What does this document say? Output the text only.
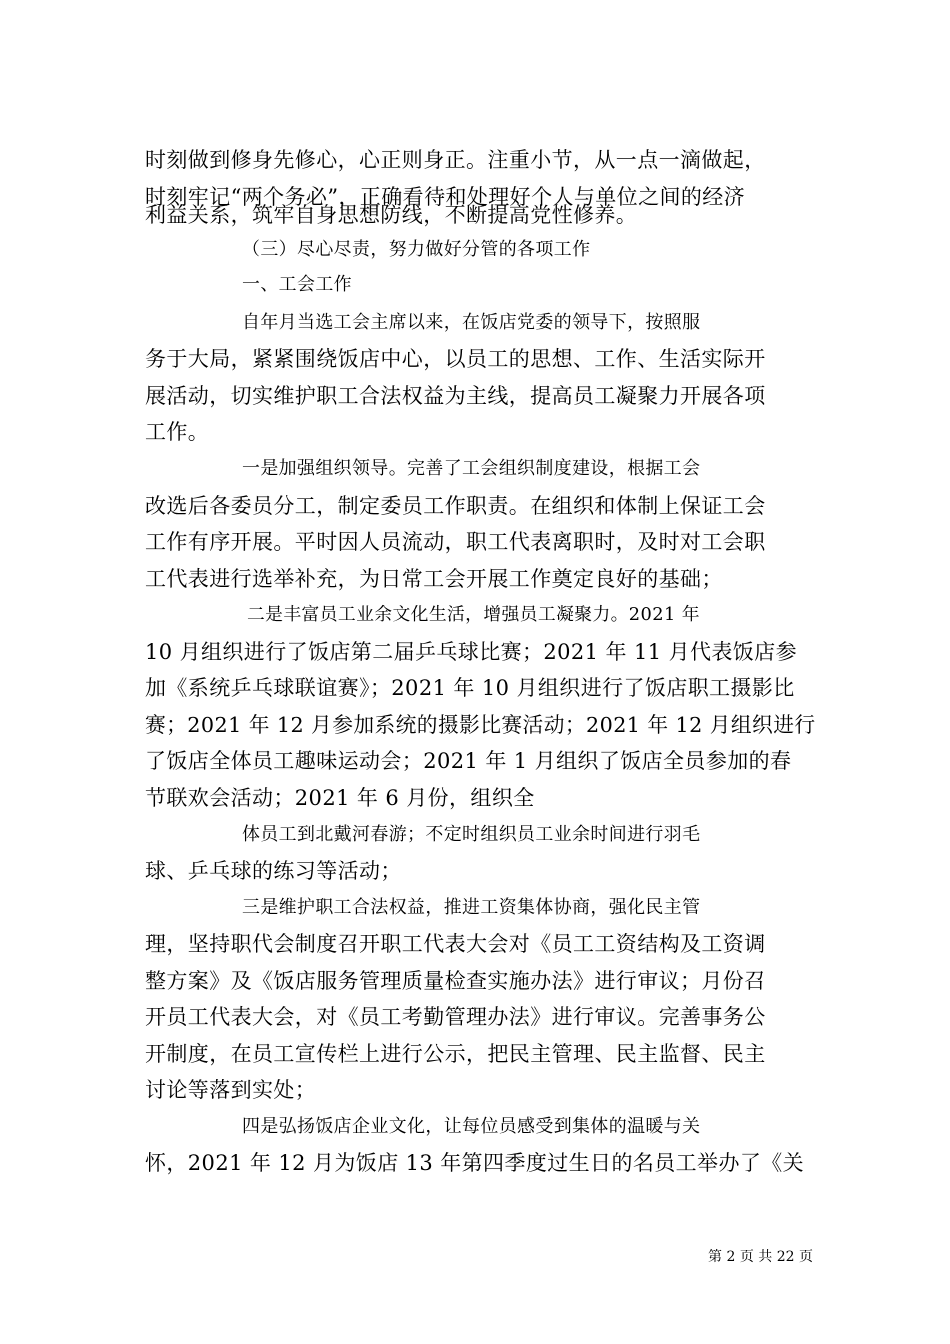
时刻做到修身先修心，心正则身正。注重小节，从一点一滴做起，
时刻牢记“两个务必”，正确看待和处理好个人与单位之间的经济
利益关系，筑牢自身思想防线，不断提高党性修养。
（三）尽心尽责，努力做好分管的各项工作
一、工会工作
自年月当选工会主席以来，在饭店党委的领导下，按照服
务于大局，紧紧围绕饭店中心，以员工的思想、工作、生活实际开
展活动，切实维护职工合法权益为主线，提高员工凝聚力开展各项
工作。
一是加强组织领导。完善了工会组织制度建设，根据工会
改选后各委员分工，制定委员工作职责。在组织和体制上保证工会
工作有序开展。平时因人员流动，职工代表离职时，及时对工会职
工代表进行选举补充，为日常工会开展工作奠定良好的基础；
二是丰富员工业余文化生活，增强员工凝聚力。2021 年
10 月组织进行了饭店第二届乒乓球比赛；2021 年 11 月代表饭店参
加《系统乒乓球联谊赛》；2021 年 10 月组织进行了饭店职工摄影比
赛；2021 年 12 月参加系统的摄影比赛活动；2021 年 12 月组织进行
了饭店全体员工趣味运动会；2021 年 1 月组织了饭店全员参加的春
节联欢会活动；2021 年 6 月份，组织全
体员工到北戴河春游；不定时组织员工业余时间进行羽毛
球、乒乓球的练习等活动；
三是维护职工合法权益，推进工资集体协商，强化民主管
理，坚持职代会制度召开职工代表大会对《员工工资结构及工资调
整方案》及《饭店服务管理质量检查实施办法》进行审议；月份召
开员工代表大会，对《员工考勤管理办法》进行审议。完善事务公
开制度，在员工宣传栏上进行公示，把民主管理、民主监督、民主
讨论等落到实处；
四是弘扬饭店企业文化，让每位员感受到集体的温暖与关
怀，2021 年 12 月为饭店 13 年第四季度过生日的名员工举办了《关
第 2 页 共 22 页
